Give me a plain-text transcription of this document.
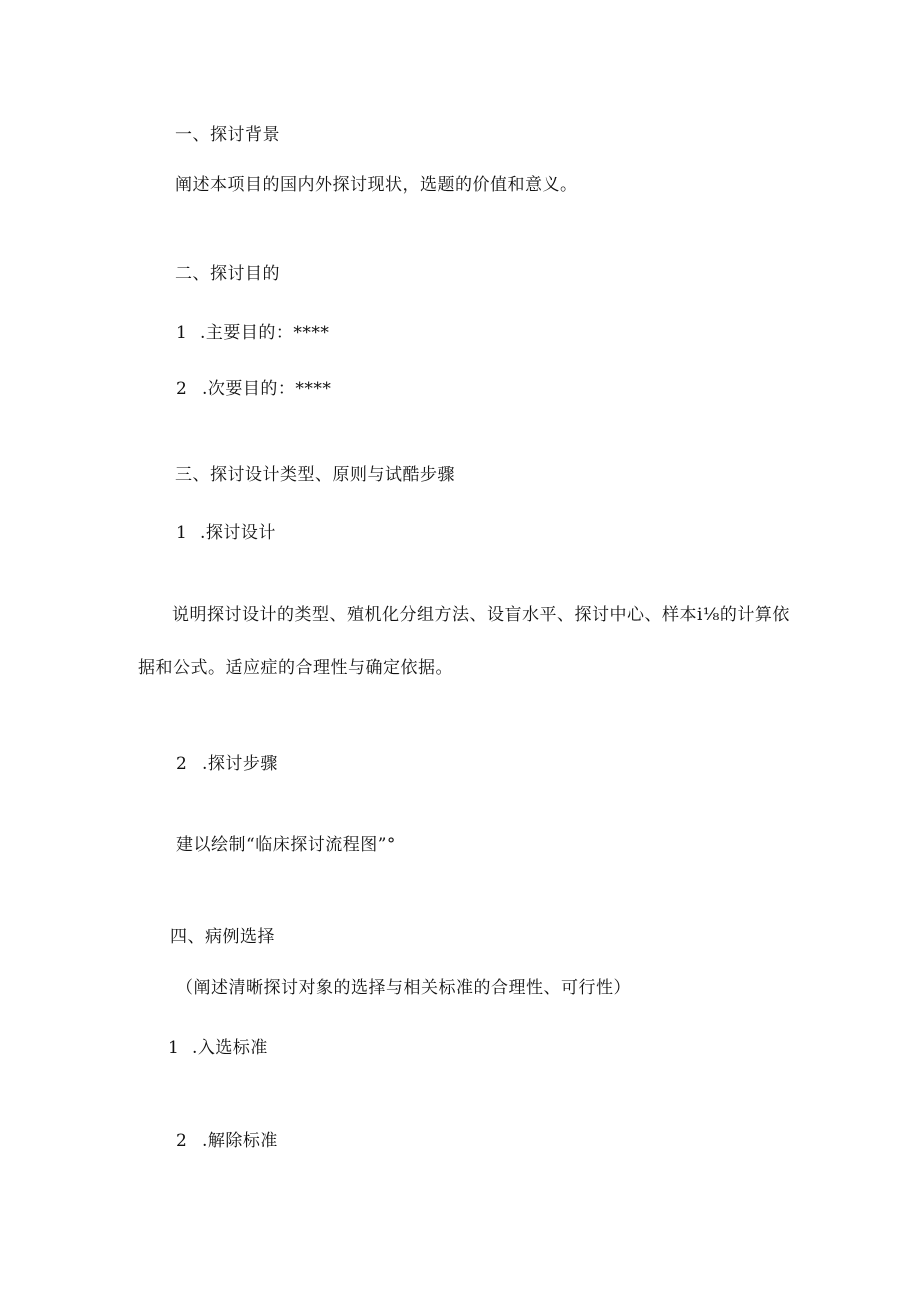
一、探讨背景
阐述本项目的国内外探讨现状，选题的价值和意义。
二、探讨目的
1 .主要目的：****
2 .次要目的：****
三、探讨设计类型、原则与试酷步骤
1 .探讨设计
说明探讨设计的类型、殖机化分组方法、设盲水平、探讨中心、样本i⅛的计算依
据和公式。适应症的合理性与确定依据。
2 .探讨步骤
建以绘制“临床探讨流程图”°
四、病例选择
（阐述清晰探讨对象的选择与相关标准的合理性、可行性）
1 .入选标准
2 .解除标准
